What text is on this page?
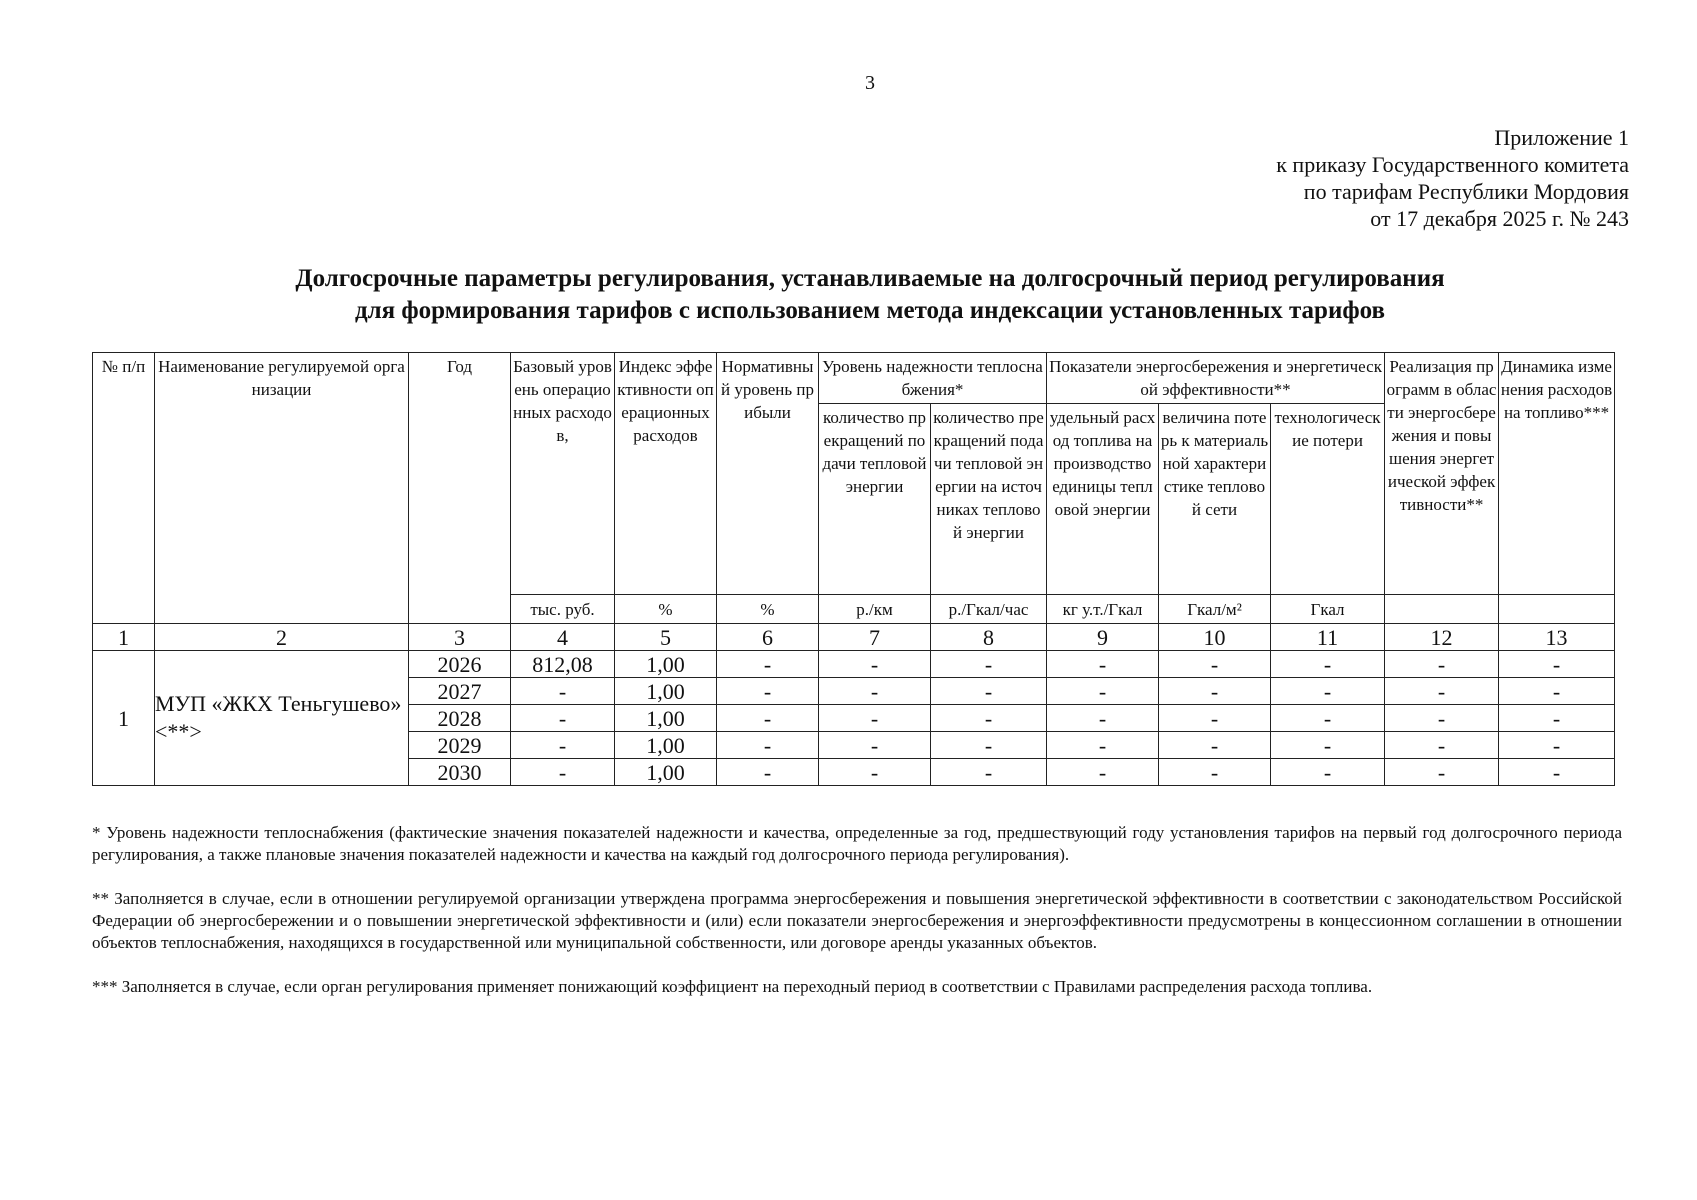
3
Приложение 1
к приказу Государственного комитета
по тарифам Республики Мордовия
от 17 декабря 2025 г. № 243
Долгосрочные параметры регулирования, устанавливаемые на долгосрочный период регулирования
для формирования тарифов с использованием метода индексации установленных тарифов
№ п/п	Наименование регулируемой организации	Год	Базовый уровень операционных расходов,	Индекс эффективности операционных расходов	Нормативный уровень прибыли	Уровень надежности теплоснабжения*		Показатели энергосбережения и энергетической эффективности**			Реализация программ в области энергосбережения и повышения энергетической эффективности**	Динамика изменения расходов на топливо***
						количество прекращений подачи тепловой энергии	количество прекращений подачи тепловой энергии на источниках тепловой энергии	удельный расход топлива на производство единицы тепловой энергии	величина потерь к материальной характеристике тепловой сети	технологические потери		
			тыс. руб.	%	%	р./км	р./Гкал/час	кг у.т./Гкал	Гкал/м²	Гкал		
1	2	3	4	5	6	7	8	9	10	11	12	13
1	МУП «ЖКХ Теньгушево» <**>	2026	812,08	1,00	-	-	-	-	-	-	-	-
		2027	-	1,00	-	-	-	-	-	-	-	-
		2028	-	1,00	-	-	-	-	-	-	-	-
		2029	-	1,00	-	-	-	-	-	-	-	-
		2030	-	1,00	-	-	-	-	-	-	-	-

* Уровень надежности теплоснабжения (фактические значения показателей надежности и качества, определенные за год, предшествующий году установления тарифов на первый год долгосрочного периода регулирования, а также плановые значения показателей надежности и качества на каждый год долгосрочного периода регулирования).

** Заполняется в случае, если в отношении регулируемой организации утверждена программа энергосбережения и повышения энергетической эффективности в соответствии с законодательством Российской Федерации об энергосбережении и о повышении энергетической эффективности и (или) если показатели энергосбережения и энергоэффективности предусмотрены в концессионном соглашении в отношении объектов теплоснабжения, находящихся в государственной или муниципальной собственности, или договоре аренды указанных объектов.

*** Заполняется в случае, если орган регулирования применяет понижающий коэффициент на переходный период в соответствии с Правилами распределения расхода топлива.
